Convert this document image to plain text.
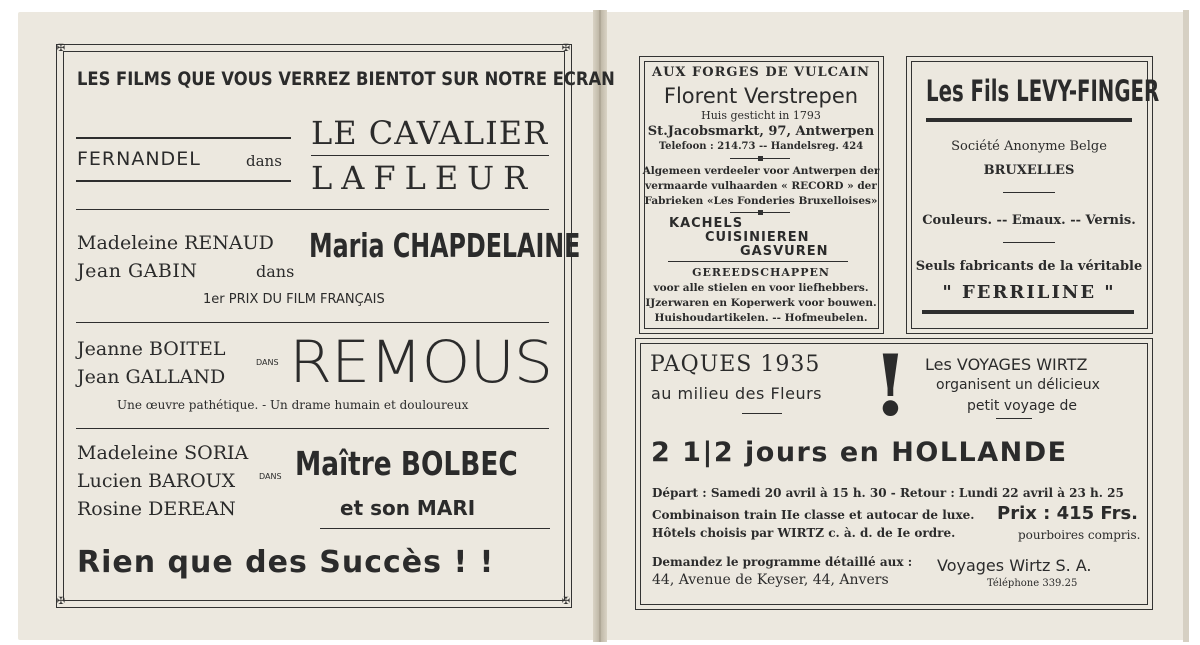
✠	✠
✠	✠
LES FILMS QUE VOUS VERREZ BIENTOT SUR NOTRE ECRAN
FERNANDEL	dans
LE CAVALIER
LAFLEUR
Madeleine RENAUD
Jean GABIN	dans
Maria CHAPDELAINE
1er PRIX DU FILM FRANÇAIS
Jeanne BOITEL
Jean GALLAND
DANS REMOUS
Une œuvre pathétique. - Un drame humain et douloureux
Madeleine SORIA
Lucien BAROUX
Rosine DEREAN
DANS Maître BOLBEC
et son MARI
Rien que des Succès ! !
AUX FORGES DE VULCAIN
Florent Verstrepen
Huis gesticht in 1793
St.Jacobsmarkt, 97, Antwerpen
Telefoon : 214.73 -- Handelsreg. 424
Algemeen verdeeler voor Antwerpen der
vermaarde vulhaarden « RECORD » der
Fabrieken «Les Fonderies Bruxelloises»
KACHELS
CUISINIEREN
GASVUREN
GEREEDSCHAPPEN
voor alle stielen en voor liefhebbers.
IJzerwaren en Koperwerk voor bouwen.
Huishoudartikelen. -- Hofmeubelen.
Les Fils LEVY-FINGER
Société Anonyme Belge
BRUXELLES
Couleurs. -- Emaux. -- Vernis.
Seuls fabricants de la véritable
" FERRILINE "
PAQUES 1935
au milieu des Fleurs ! Les VOYAGES WIRTZ
organisent un délicieux
petit voyage de
2 1|2 jours en HOLLANDE
Départ : Samedi 20 avril à 15 h. 30 - Retour : Lundi 22 avril à 23 h. 25
Combinaison train IIe classe et autocar de luxe.
Hôtels choisis par WIRTZ c. à. d. de Ie ordre.
Prix : 415 Frs.
pourboires compris.
Demandez le programme détaillé aux :
44, Avenue de Keyser, 44, Anvers
Voyages Wirtz S. A.
Téléphone 339.25
